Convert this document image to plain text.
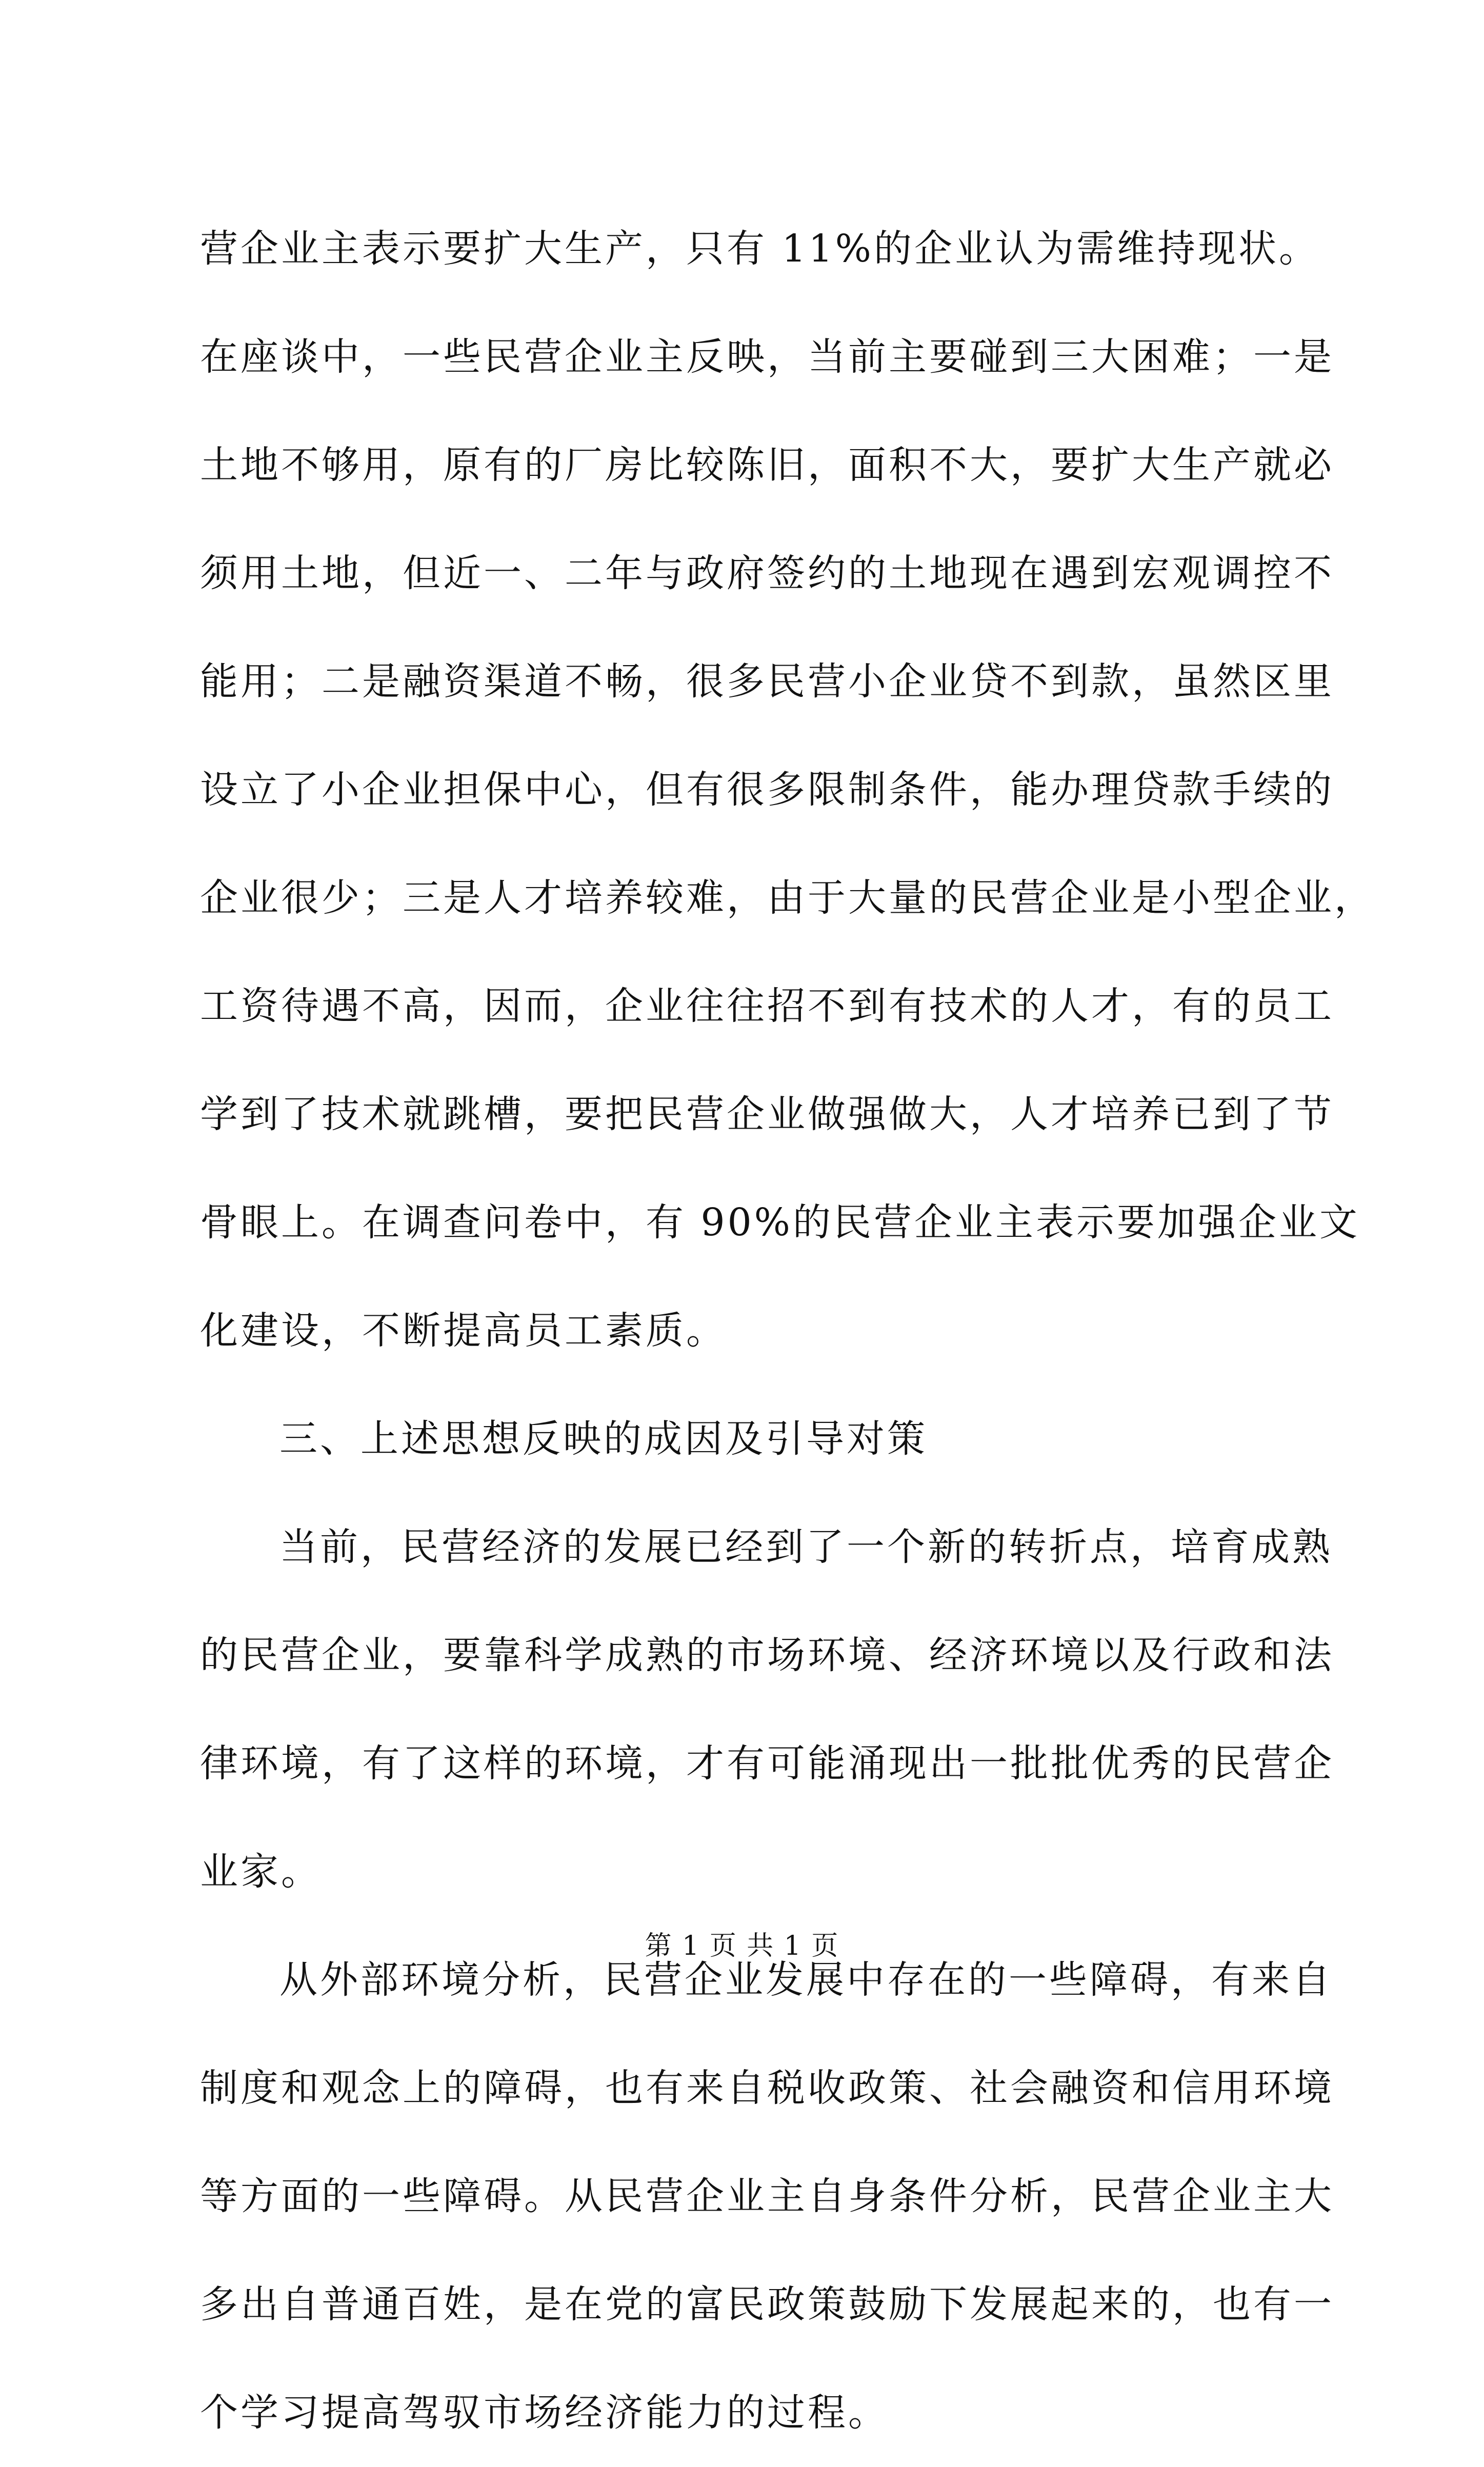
营企业主表示要扩大生产，只有 11%的企业认为需维持现状。
在座谈中，一些民营企业主反映，当前主要碰到三大困难；一是
土地不够用，原有的厂房比较陈旧，面积不大，要扩大生产就必
须用土地，但近一、二年与政府签约的土地现在遇到宏观调控不
能用；二是融资渠道不畅，很多民营小企业贷不到款，虽然区里
设立了小企业担保中心，但有很多限制条件，能办理贷款手续的
企业很少；三是人才培养较难，由于大量的民营企业是小型企业，
工资待遇不高，因而，企业往往招不到有技术的人才，有的员工
学到了技术就跳槽，要把民营企业做强做大，人才培养已到了节
骨眼上。在调查问卷中，有 90%的民营企业主表示要加强企业文
化建设，不断提高员工素质。
三、上述思想反映的成因及引导对策
当前，民营经济的发展已经到了一个新的转折点，培育成熟
的民营企业，要靠科学成熟的市场环境、经济环境以及行政和法
律环境，有了这样的环境，才有可能涌现出一批批优秀的民营企
业家。
从外部环境分析，民营企业发展中存在的一些障碍，有来自
制度和观念上的障碍，也有来自税收政策、社会融资和信用环境
等方面的一些障碍。从民营企业主自身条件分析，民营企业主大
多出自普通百姓，是在党的富民政策鼓励下发展起来的，也有一
个学习提高驾驭市场经济能力的过程。
第 1 页 共 1 页
